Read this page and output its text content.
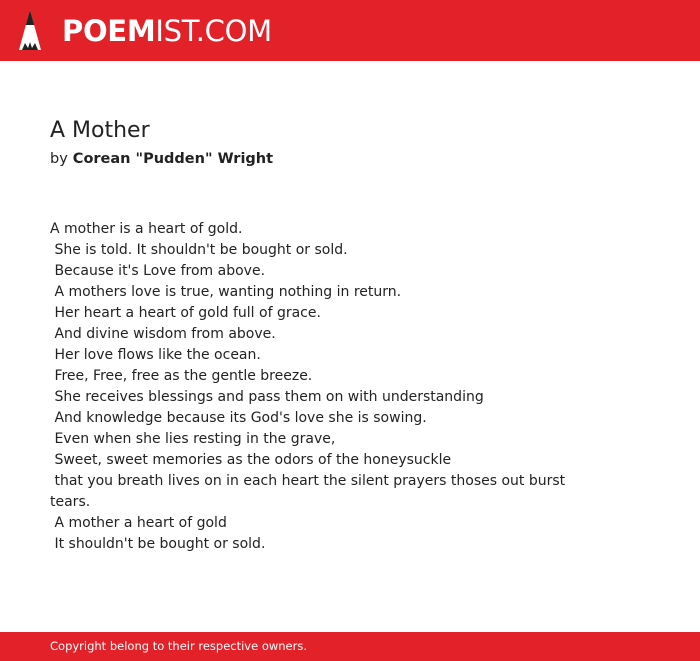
POEMIST.COM
A Mother
by Corean "Pudden" Wright
A mother is a heart of gold.
She is told. It shouldn't be bought or sold.
Because it's Love from above.
A mothers love is true, wanting nothing in return.
Her heart a heart of gold full of grace.
And divine wisdom from above.
Her love flows like the ocean.
Free, Free, free as the gentle breeze.
She receives blessings and pass them on with understanding
And knowledge because its God's love she is sowing.
Even when she lies resting in the grave,
Sweet, sweet memories as the odors of the honeysuckle
that you breath lives on in each heart the silent prayers thoses out burst
tears.
A mother a heart of gold
It shouldn't be bought or sold.
Copyright belong to their respective owners.
